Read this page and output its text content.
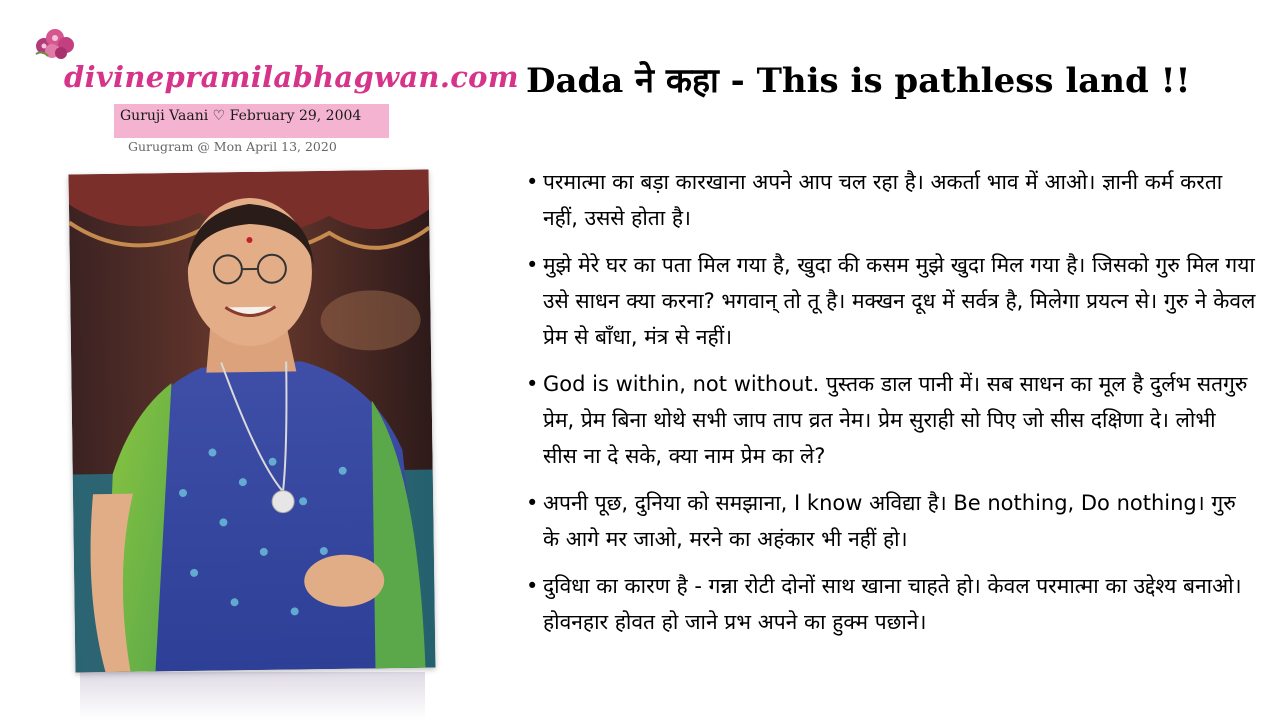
divinepramilabhagwan.com
Guruji Vaani ♡ February 29, 2004
Gurugram @ Mon April 13, 2020
Dada ने कहा - This is pathless land !!
• परमात्मा का बड़ा कारखाना अपने आप चल रहा है। अकर्ता भाव में आओ। ज्ञानी कर्म करता नहीं, उससे होता है।
• मुझे मेरे घर का पता मिल गया है, खुदा की कसम मुझे खुदा मिल गया है। जिसको गुरु मिल गया उसे साधन क्या करना? भगवान् तो तू है। मक्खन दूध में सर्वत्र है, मिलेगा प्रयत्न से। गुरु ने केवल प्रेम से बाँधा, मंत्र से नहीं।
• God is within, not without. पुस्तक डाल पानी में। सब साधन का मूल है दुर्लभ सतगुरु प्रेम, प्रेम बिना थोथे सभी जाप ताप व्रत नेम। प्रेम सुराही सो पिए जो सीस दक्षिणा दे। लोभी सीस ना दे सके, क्या नाम प्रेम का ले?
• अपनी पूछ, दुनिया को समझाना, I know अविद्या है। Be nothing, Do nothing। गुरु के आगे मर जाओ, मरने का अहंकार भी नहीं हो।
• दुविधा का कारण है - गन्ना रोटी दोनों साथ खाना चाहते हो। केवल परमात्मा का उद्देश्य बनाओ। होवनहार होवत हो जाने प्रभ अपने का हुक्म पछाने।
